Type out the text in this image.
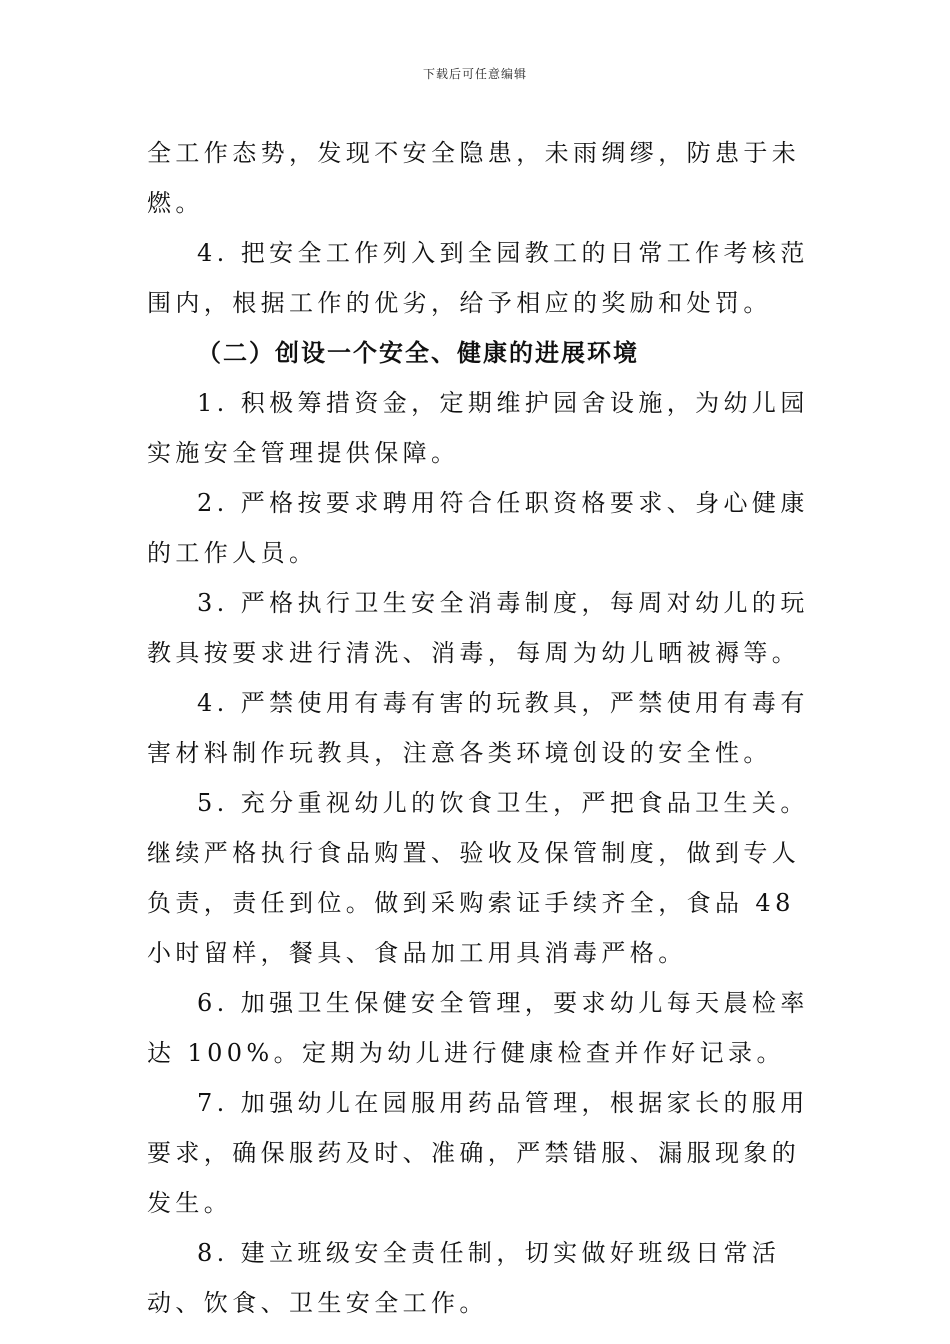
下载后可任意编辑

全工作态势，发现不安全隐患，未雨绸缪，防患于未燃。

4. 把安全工作列入到全园教工的日常工作考核范围内，根据工作的优劣，给予相应的奖励和处罚。

（二）创设一个安全、健康的进展环境

1. 积极筹措资金，定期维护园舍设施，为幼儿园实施安全管理提供保障。

2. 严格按要求聘用符合任职资格要求、身心健康的工作人员。

3. 严格执行卫生安全消毒制度，每周对幼儿的玩教具按要求进行清洗、消毒，每周为幼儿晒被褥等。

4. 严禁使用有毒有害的玩教具，严禁使用有毒有害材料制作玩教具，注意各类环境创设的安全性。

5. 充分重视幼儿的饮食卫生，严把食品卫生关。继续严格执行食品购置、验收及保管制度，做到专人负责，责任到位。做到采购索证手续齐全，食品 48 小时留样，餐具、食品加工用具消毒严格。

6. 加强卫生保健安全管理，要求幼儿每天晨检率达 100%。定期为幼儿进行健康检查并作好记录。

7. 加强幼儿在园服用药品管理，根据家长的服用要求，确保服药及时、准确，严禁错服、漏服现象的发生。

8. 建立班级安全责任制，切实做好班级日常活动、饮食、卫生安全工作。
